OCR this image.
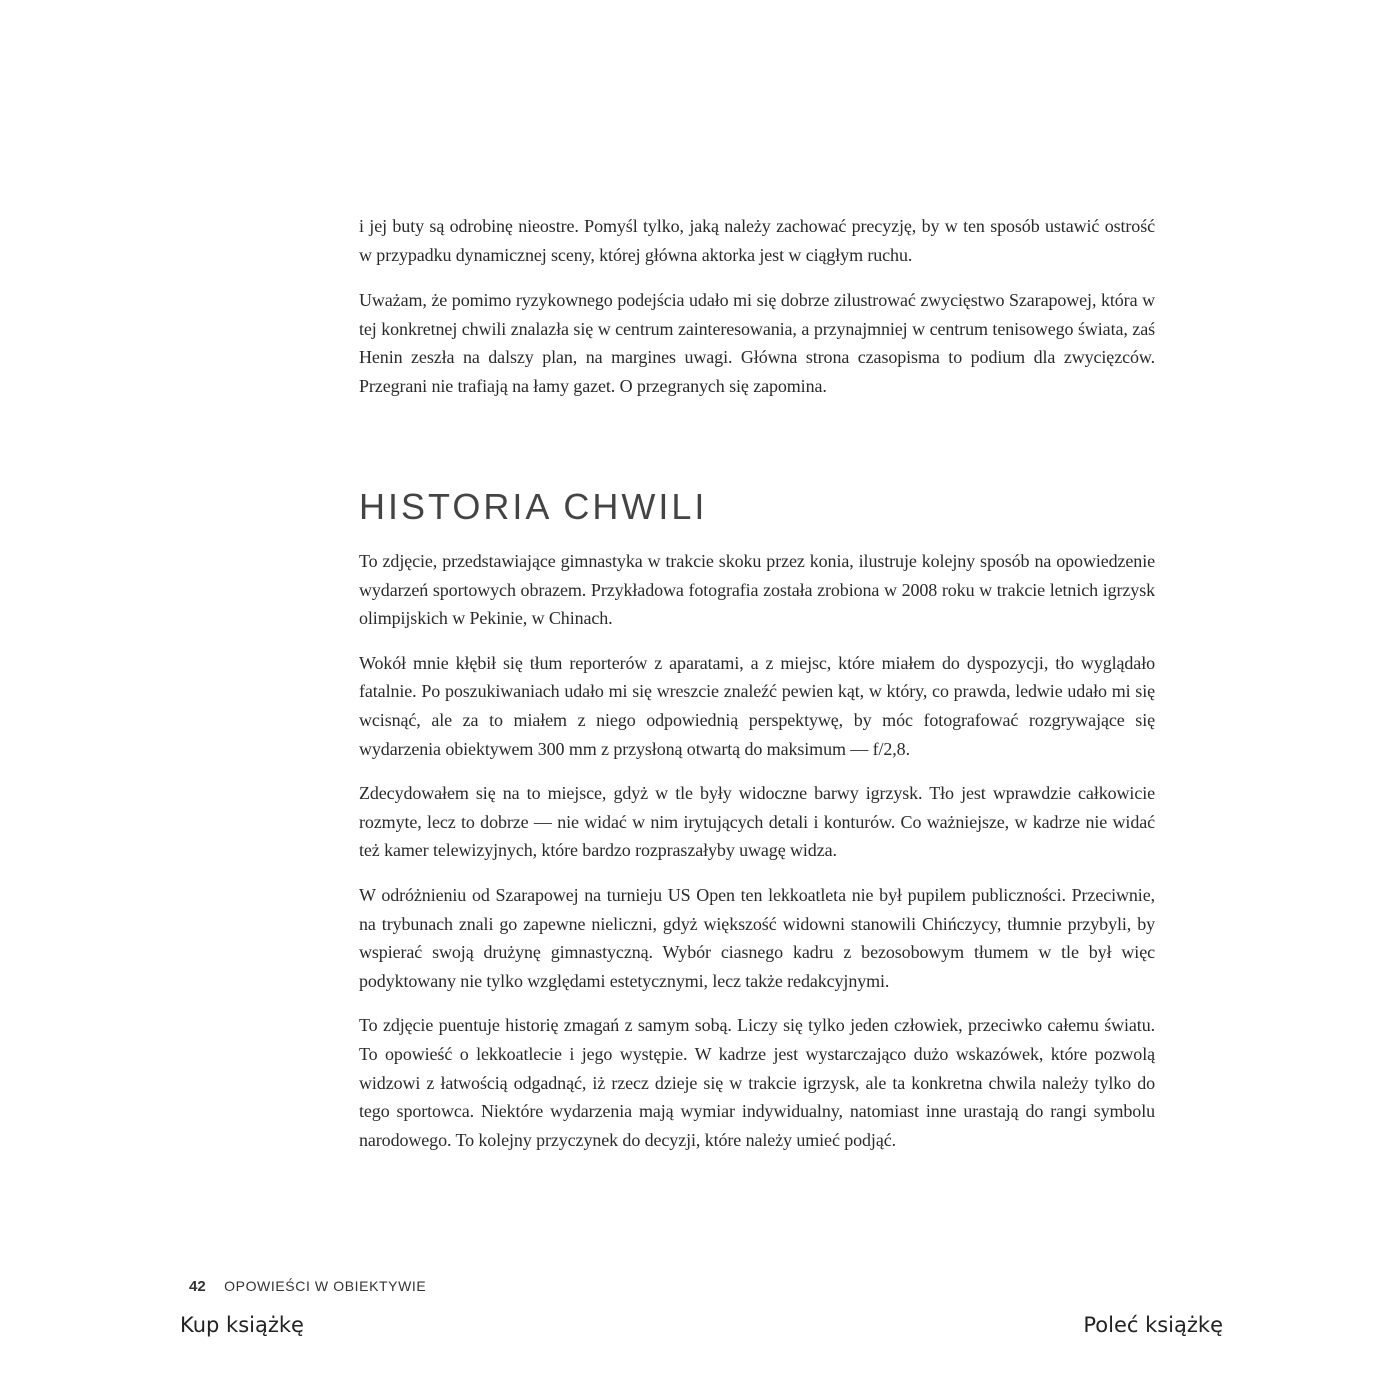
i jej buty są odrobinę nieostre. Pomyśl tylko, jaką należy zachować precyzję, by w ten sposób ustawić ostrość w przypadku dynamicznej sceny, której główna aktorka jest w ciągłym ruchu.

Uważam, że pomimo ryzykownego podejścia udało mi się dobrze zilustrować zwycięstwo Szarapowej, która w tej konkretnej chwili znalazła się w centrum zainteresowania, a przynajmniej w centrum tenisowego świata, zaś Henin zeszła na dalszy plan, na margines uwagi. Główna strona czasopisma to podium dla zwycięzców. Przegrani nie trafiają na łamy gazet. O przegranych się zapomina.

HISTORIA CHWILI

To zdjęcie, przedstawiające gimnastyka w trakcie skoku przez konia, ilustruje kolejny sposób na opowiedzenie wydarzeń sportowych obrazem. Przykładowa fotografia została zrobiona w 2008 roku w trakcie letnich igrzysk olimpijskich w Pekinie, w Chinach.

Wokół mnie kłębił się tłum reporterów z aparatami, a z miejsc, które miałem do dyspozycji, tło wyglądało fatalnie. Po poszukiwaniach udało mi się wreszcie znaleźć pewien kąt, w który, co prawda, ledwie udało mi się wcisnąć, ale za to miałem z niego odpowiednią perspektywę, by móc fotografować rozgrywające się wydarzenia obiektywem 300 mm z przysłoną otwartą do maksimum — f/2,8.

Zdecydowałem się na to miejsce, gdyż w tle były widoczne barwy igrzysk. Tło jest wprawdzie całkowicie rozmyte, lecz to dobrze — nie widać w nim irytujących detali i konturów. Co ważniejsze, w kadrze nie widać też kamer telewizyjnych, które bardzo rozpraszałyby uwagę widza.

W odróżnieniu od Szarapowej na turnieju US Open ten lekkoatleta nie był pupilem publiczności. Przeciwnie, na trybunach znali go zapewne nieliczni, gdyż większość widowni stanowili Chińczycy, tłumnie przybyli, by wspierać swoją drużynę gimnastyczną. Wybór ciasnego kadru z bezosobowym tłumem w tle był więc podyktowany nie tylko względami estetycznymi, lecz także redakcyjnymi.

To zdjęcie puentuje historię zmagań z samym sobą. Liczy się tylko jeden człowiek, przeciwko całemu światu. To opowieść o lekkoatlecie i jego występie. W kadrze jest wystarczająco dużo wskazówek, które pozwolą widzowi z łatwością odgadnąć, iż rzecz dzieje się w trakcie igrzysk, ale ta konkretna chwila należy tylko do tego sportowca. Niektóre wydarzenia mają wymiar indywidualny, natomiast inne urastają do rangi symbolu narodowego. To kolejny przyczynek do decyzji, które należy umieć podjąć.

42 OPOWIEŚCI W OBIEKTYWIE
Kup książkę	Poleć książkę
